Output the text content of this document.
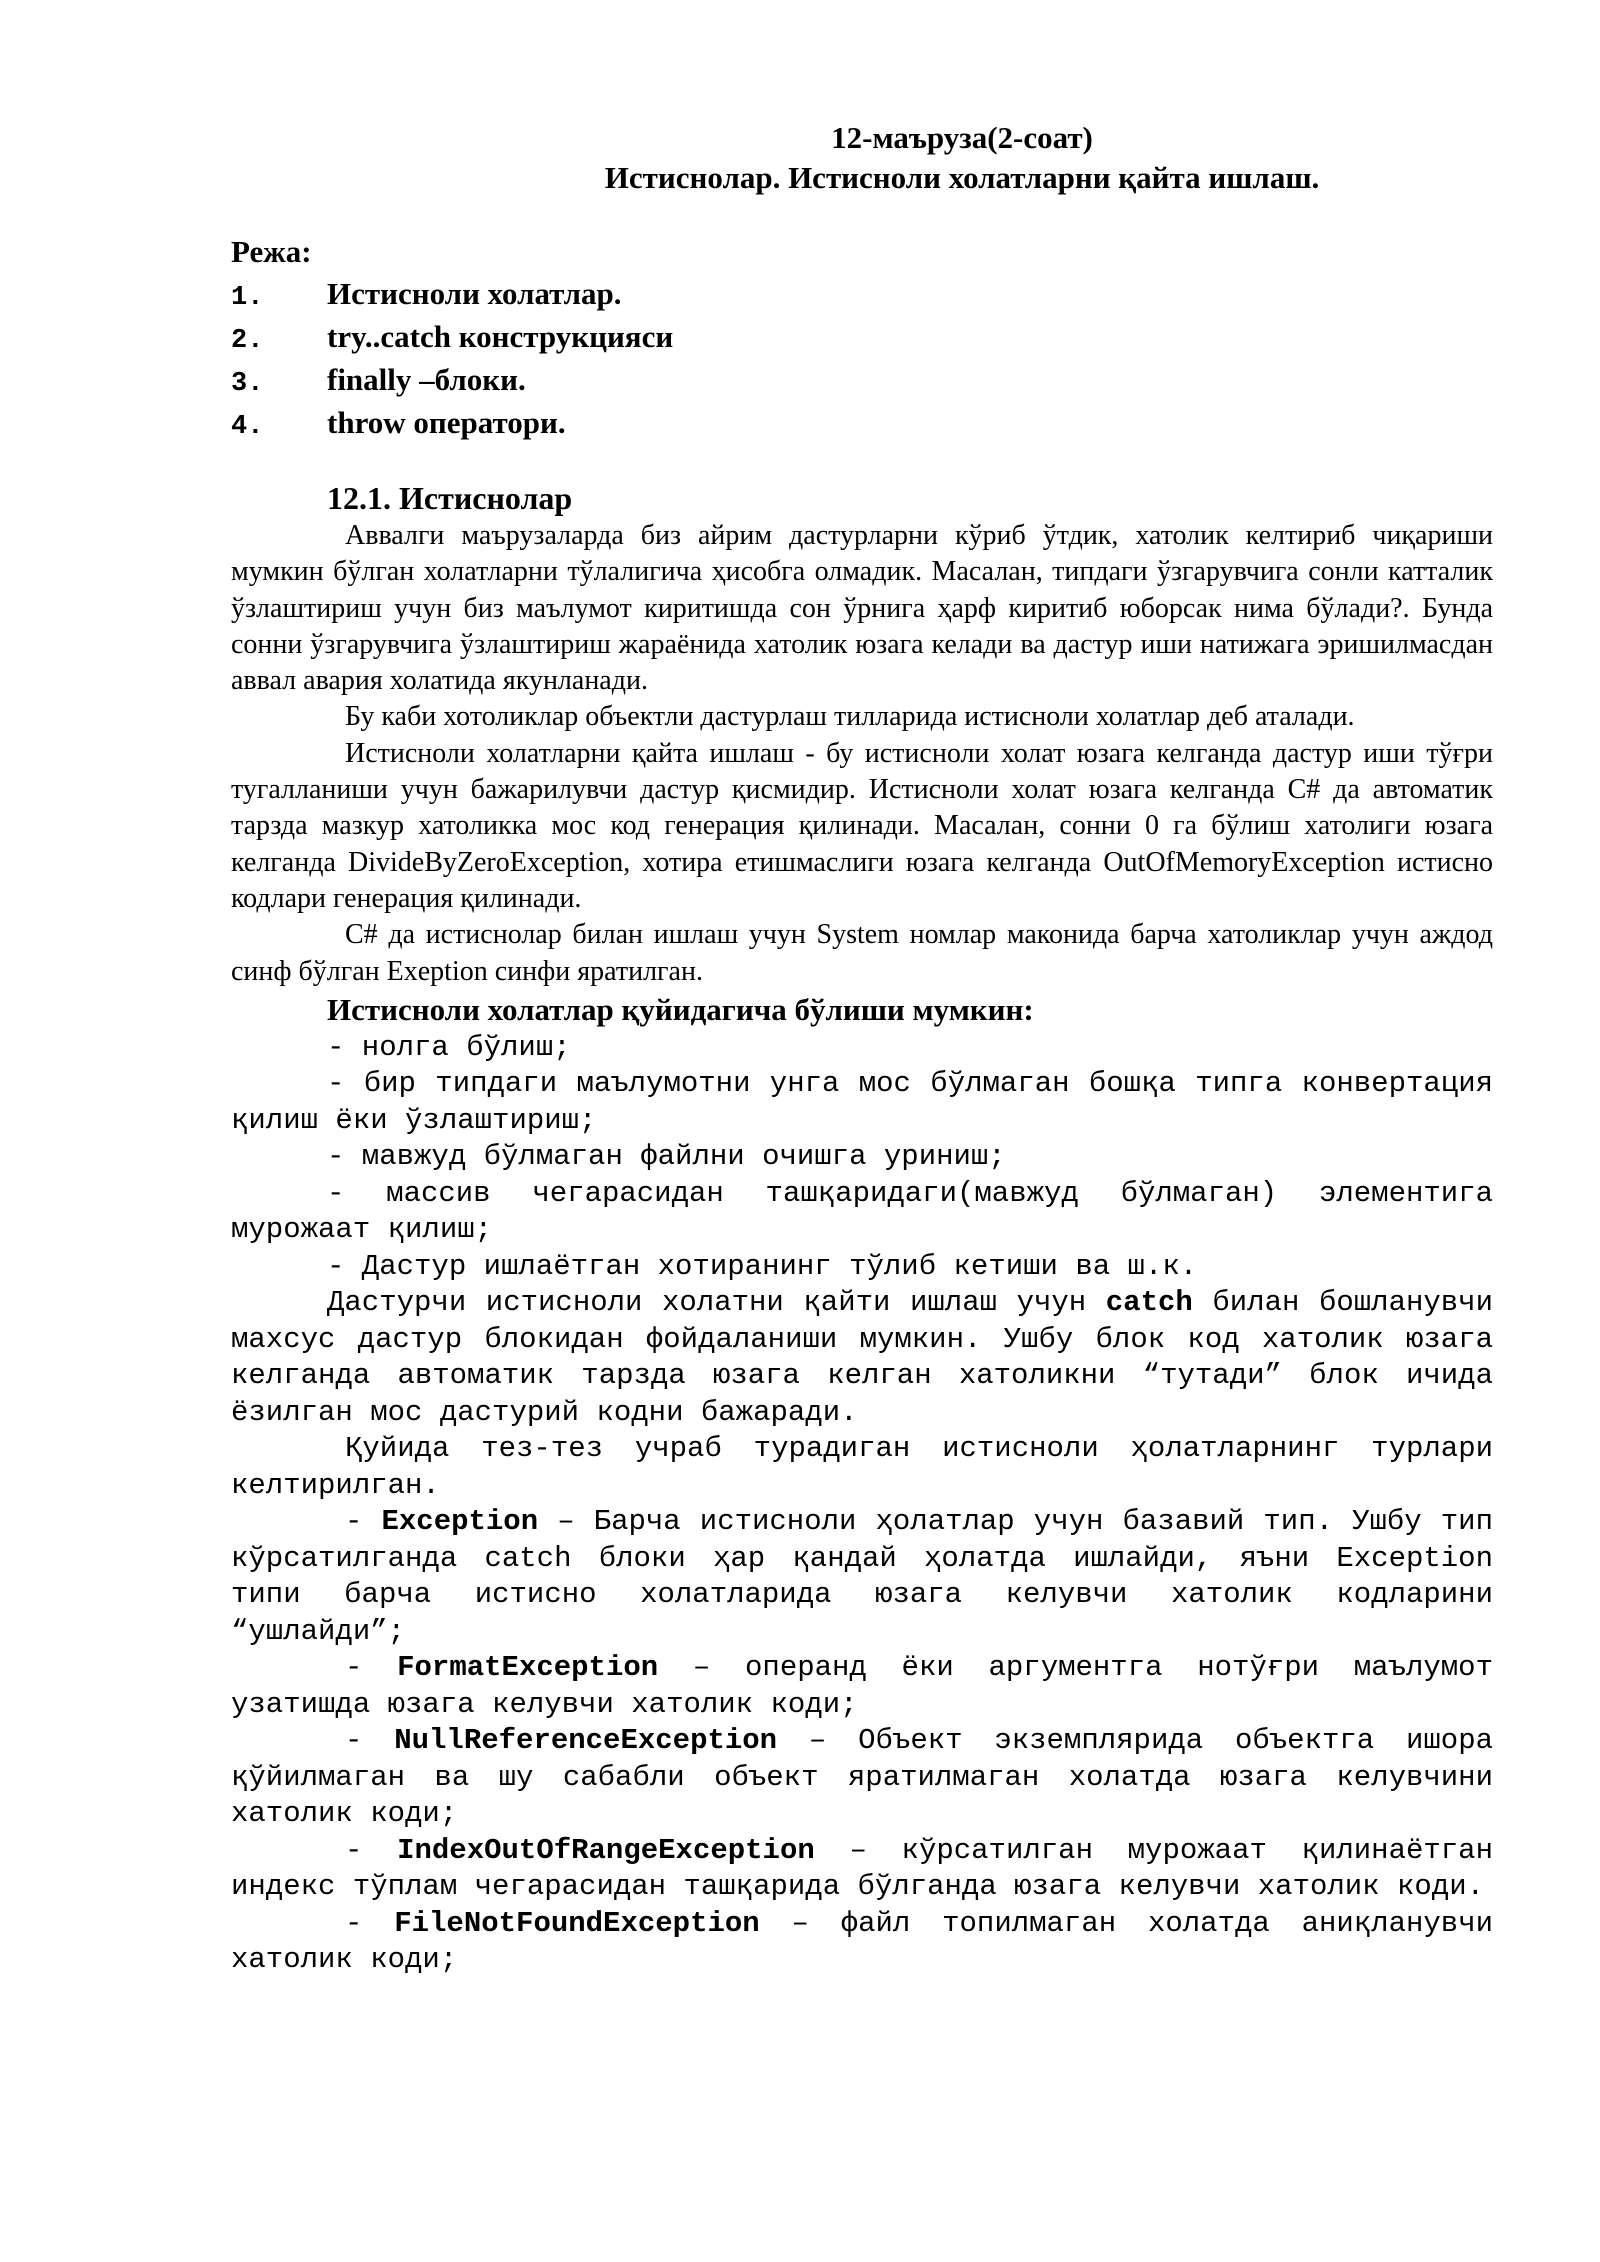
12-маъруза(2-соат)
Истиснолар. Истисноли холатларни қайта ишлаш.
Режа:
1.	Истисноли холатлар.
2.	try..catch конструкцияси
3.	finally –блоки.
4.	throw оператори.
12.1. Истиснолар

Аввалги маърузаларда биз айрим дастурларни кўриб ўтдик, хатолик келтириб чиқариши мумкин бўлган холатларни тўлалигича ҳисобга олмадик. Масалан, типдаги ўзгарувчига сонли катталик ўзлаштириш учун биз маълумот киритишда сон ўрнига ҳарф киритиб юборсак нима бўлади?. Бунда сонни ўзгарувчига ўзлаштириш жараёнида хатолик юзага келади ва дастур иши натижага эришилмасдан аввал авария холатида якунланади.

Бу каби хотоликлар объектли дастурлаш тилларида истисноли холатлар деб аталади.

Истисноли холатларни қайта ишлаш - бу истисноли холат юзага келганда дастур иши тўғри тугалланиши учун бажарилувчи дастур қисмидир. Истисноли холат юзага келганда C# да автоматик тарзда мазкур хатоликка мос код генерация қилинади. Масалан, сонни 0 га бўлиш хатолиги юзага келганда DivideByZeroException, хотира етишмаслиги юзага келганда OutOfMemoryException истисно кодлари генерация қилинади.

C# да истиснолар билан ишлаш учун System номлар маконида барча хатоликлар учун аждод синф бўлган Exeption синфи яратилган.

Истисноли холатлар қуйидагича бўлиши мумкин:

- нолга бўлиш;

- бир типдаги маълумотни унга мос бўлмаган бошқа типга конвертация қилиш ёки ўзлаштириш;

- мавжуд бўлмаган файлни очишга уриниш;

- массив чегарасидан ташқаридаги(мавжуд бўлмаган) элементига мурожаат қилиш;

- Дастур ишлаётган хотиранинг тўлиб кетиши ва ш.к.

Дастурчи истисноли холатни қайти ишлаш учун catch билан бошланувчи махсус дастур блокидан фойдаланиши мумкин. Ушбу блок код хатолик юзага келганда автоматик тарзда юзага келган хатоликни “тутади” блок ичида ёзилган мос дастурий кодни бажаради.

Қуйида тез-тез учраб турадиган истисноли ҳолатларнинг турлари келтирилган.

- Exception – Барча истисноли ҳолатлар учун базавий тип. Ушбу тип кўрсатилганда catch блоки ҳар қандай ҳолатда ишлайди, яъни Exception типи барча истисно холатларида юзага келувчи хатолик кодларини “ушлайди”;

- FormatException – операнд ёки аргументга нотўғри маълумот узатишда юзага келувчи хатолик коди;

- NullReferenceException – Объект экземплярида объектга ишора қўйилмаган ва шу сабабли объект яратилмаган холатда юзага келувчини хатолик коди;

- IndexOutOfRangeException – кўрсатилган мурожаат қилинаётган индекс тўплам чегарасидан ташқарида бўлганда юзага келувчи хатолик коди.

- FileNotFoundException – файл топилмаган холатда аниқланувчи хатолик коди;
